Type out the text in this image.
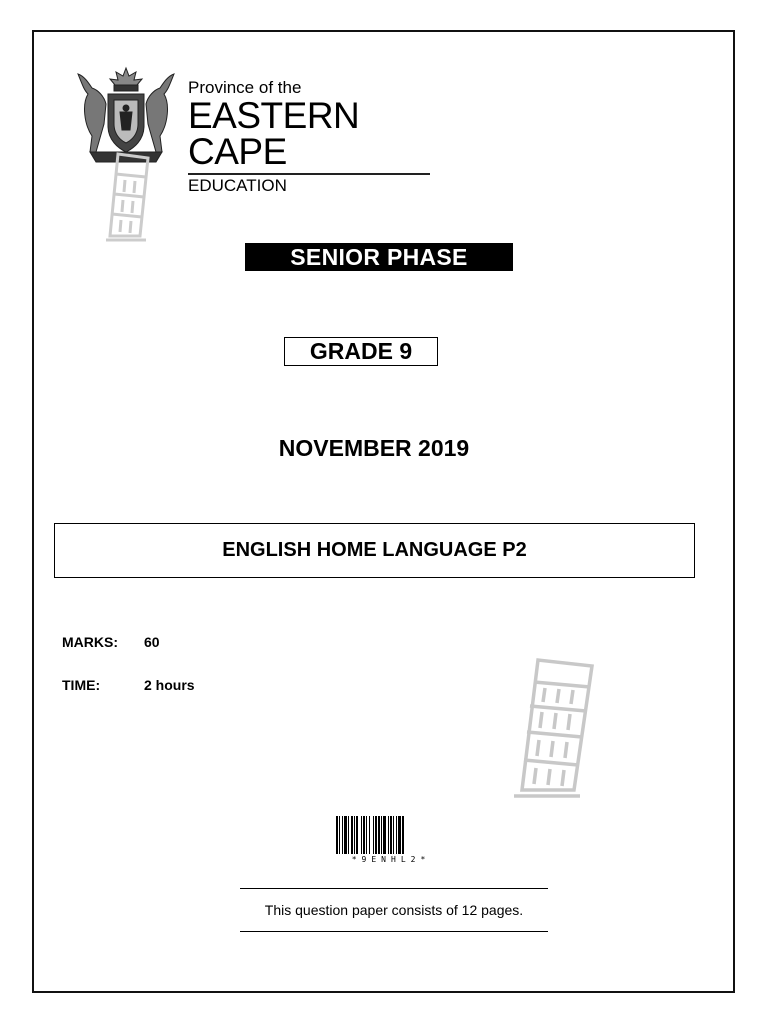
Province of the
EASTERN CAPE
EDUCATION
SENIOR PHASE
GRADE 9
NOVEMBER 2019
ENGLISH HOME LANGUAGE P2
MARKS: 60
TIME:	2 hours
*9ENHL2*
This question paper consists of 12 pages.
